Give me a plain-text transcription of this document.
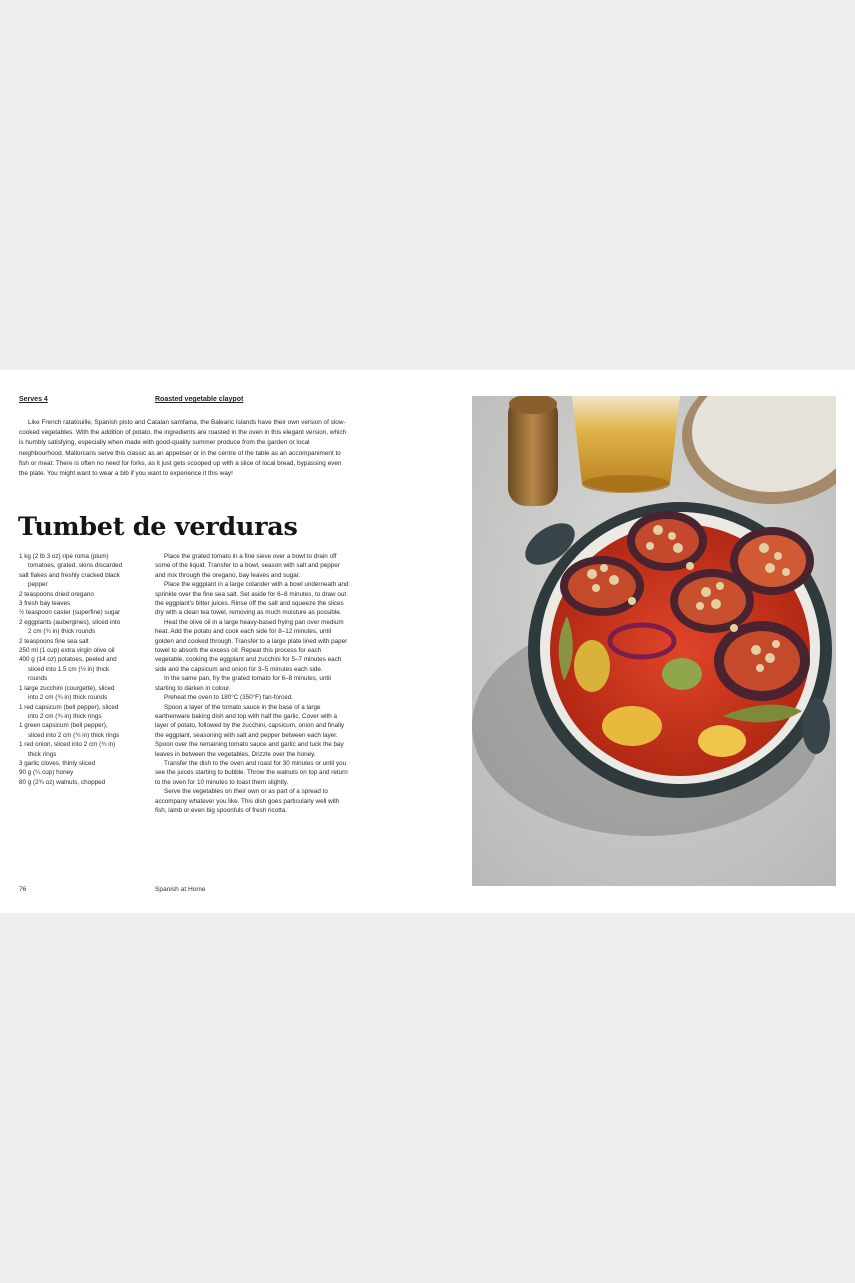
Serves 4	Roasted vegetable claypot

Like French ratatouille, Spanish pisto and Catalan samfaina, the Balearic Islands have their own version of slow-cooked vegetables. With the addition of potato, the ingredients are roasted in the oven in this elegant version, which is humbly satisfying, especially when made with good-quality summer produce from the garden or local neighbourhood. Mallorcans serve this classic as an appetiser or in the centre of the table as an accompaniment to fish or meat. There is often no need for forks, as it just gets scooped up with a slice of local bread, bypassing even the plate. You might want to wear a bib if you want to experience it this way!

Tumbet de verduras
1 kg (2 lb 3 oz) ripe roma (plum) tomatoes, grated, skins discarded
salt flakes and freshly cracked black pepper
2 teaspoons dried oregano
3 fresh bay leaves
½ teaspoon caster (superfine) sugar
2 eggplants (aubergines), sliced into 2 cm (¾ in) thick rounds
2 teaspoons fine sea salt
250 ml (1 cup) extra virgin olive oil
400 g (14 oz) potatoes, peeled and sliced into 1.5 cm (½ in) thick rounds
1 large zucchini (courgette), sliced into 2 cm (¾ in) thick rounds
1 red capsicum (bell pepper), sliced into 2 cm (¾ in) thick rings
1 green capsicum (bell pepper), sliced into 2 cm (¾ in) thick rings
1 red onion, sliced into 2 cm (¾ in) thick rings
3 garlic cloves, thinly sliced
90 g (¼ cup) honey
80 g (2¾ oz) walnuts, chopped

Place the grated tomato in a fine sieve over a bowl to drain off some of the liquid. Transfer to a bowl, season with salt and pepper and mix through the oregano, bay leaves and sugar.

Place the eggplant in a large colander with a bowl underneath and sprinkle over the fine sea salt. Set aside for 6–8 minutes, to draw out the eggplant's bitter juices. Rinse off the salt and squeeze the slices dry with a clean tea towel, removing as much moisture as possible.

Heat the olive oil in a large heavy-based frying pan over medium heat. Add the potato and cook each side for 8–12 minutes, until golden and cooked through. Transfer to a large plate lined with paper towel to absorb the excess oil. Repeat this process for each vegetable, cooking the eggplant and zucchini for 5–7 minutes each side and the capsicum and onion for 3–5 minutes each side.

In the same pan, fry the grated tomato for 6–8 minutes, until starting to darken in colour.

Preheat the oven to 180°C (350°F) fan-forced.

Spoon a layer of the tomato sauce in the base of a large earthenware baking dish and top with half the garlic. Cover with a layer of potato, followed by the zucchini, capsicum, onion and finally the eggplant, seasoning with salt and pepper between each layer. Spoon over the remaining tomato sauce and garlic and tuck the bay leaves in between the vegetables. Drizzle over the honey.

Transfer the dish to the oven and roast for 30 minutes or until you see the juices starting to bubble. Throw the walnuts on top and return to the oven for 10 minutes to toast them slightly.

Serve the vegetables on their own or as part of a spread to accompany whatever you like. This dish goes particularly well with fish, lamb or even big spoonfuls of fresh ricotta.

76	Spanish at Home
